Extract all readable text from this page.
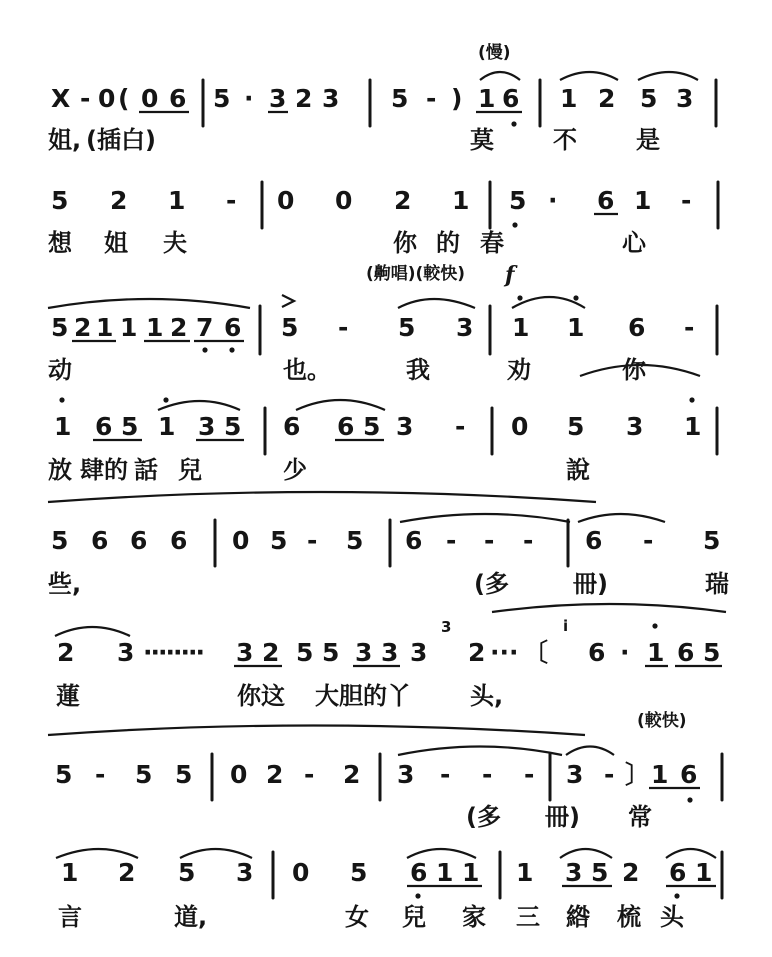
(慢)
X - 0 ( 0 6 5 · 3 2 3 5 - ) 1 6 1 2 5 3
姐, (插白)	莫 不 是
5 2 1 - 0 0 2 1 5 · 6 1 -
想 姐 夫	你 的 春	心
(齁唱)(較快) f
5 2 1 1 1 2 7 6 5 - 5 3 1 1 6 -
动	也。	我	劝	你
1 6 5 1 3 5 6 6 5 3 - 0 5 3 1
放 肆的 話 兒	少	說
5 6 6 6 0 5 - 5 6 - - - 6 - 5
些,	(多	冊)	瑞
3	i
2 3 ········ 3 2 5 5 3 3 3 2 ··· 〔 6 · 1 6 5
蓮	你这 大胆的丫 头,
(較快)
5 - 5 5 0 2 - 2 3 - - - 3 - 〕 1 6
(多 冊) 常
1 2 5 3 0 5 6 1 1 1 3 5 2 6 1
言	道,	女 兒 家 三 綹 梳 头
